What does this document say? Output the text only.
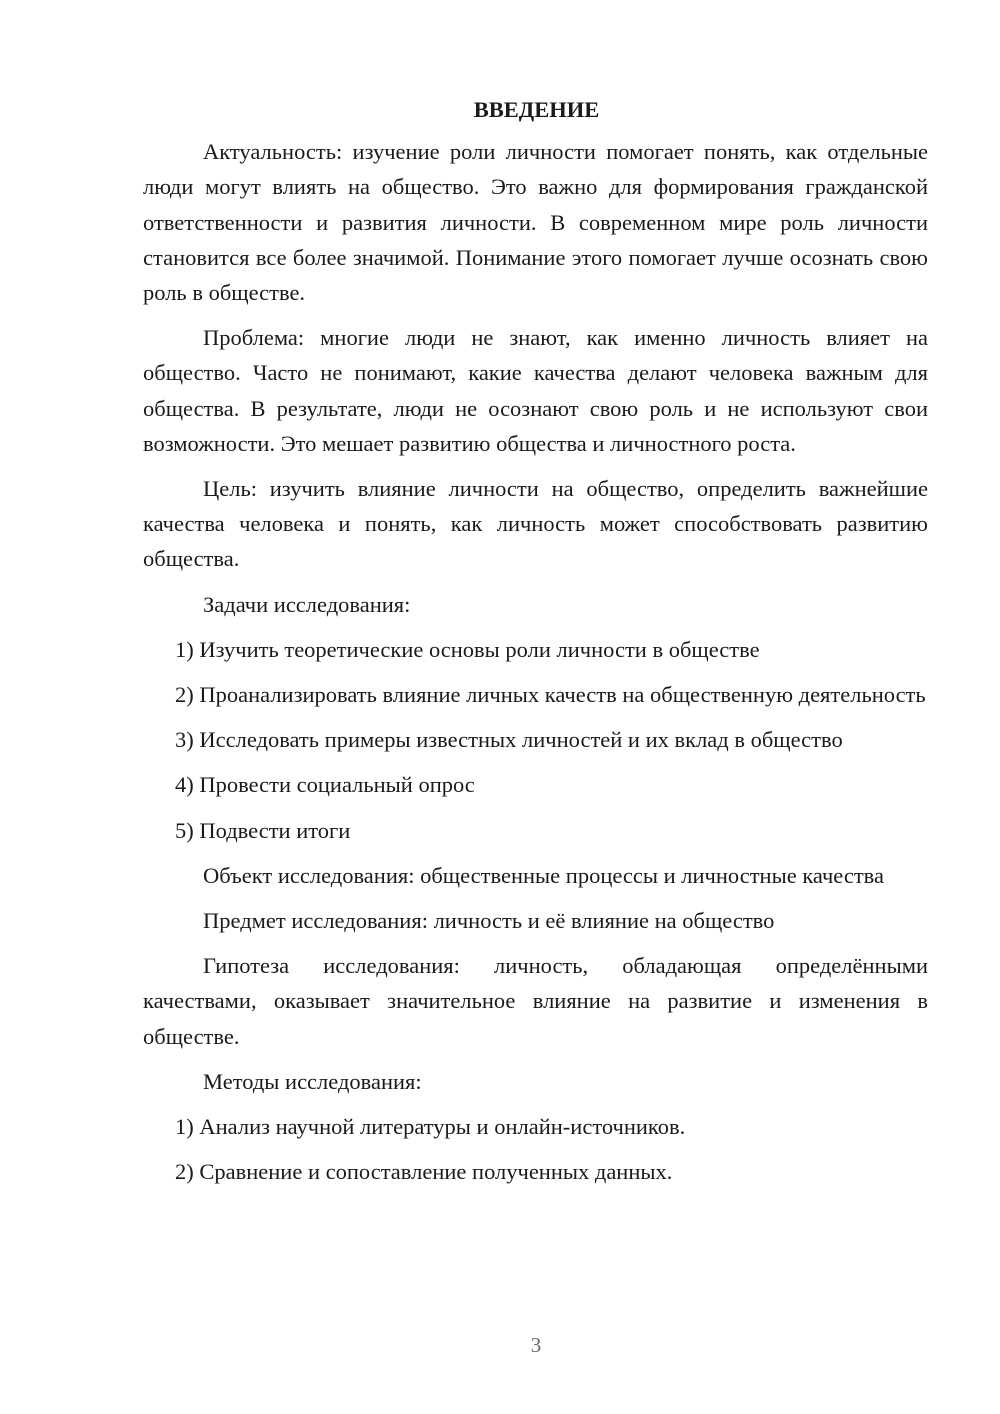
ВВЕДЕНИЕ

Актуальность: изучение роли личности помогает понять, как отдельные люди могут влиять на общество. Это важно для формирования гражданской ответственности и развития личности. В современном мире роль личности становится все более значимой. Понимание этого помогает лучше осознать свою роль в обществе.

Проблема: многие люди не знают, как именно личность влияет на общество. Часто не понимают, какие качества делают человека важным для общества. В результате, люди не осознают свою роль и не используют свои возможности. Это мешает развитию общества и личностного роста.

Цель: изучить влияние личности на общество, определить важнейшие качества человека и понять, как личность может способствовать развитию общества.

Задачи исследования:

1) Изучить теоретические основы роли личности в обществе

2) Проанализировать влияние личных качеств на общественную деятельность

3) Исследовать примеры известных личностей и их вклад в общество

4) Провести социальный опрос

5) Подвести итоги

Объект исследования: общественные процессы и личностные качества

Предмет исследования: личность и её влияние на общество

Гипотеза исследования: личность, обладающая определёнными качествами, оказывает значительное влияние на развитие и изменения в обществе.

Методы исследования:

1) Анализ научной литературы и онлайн-источников.

2) Сравнение и сопоставление полученных данных.

3
